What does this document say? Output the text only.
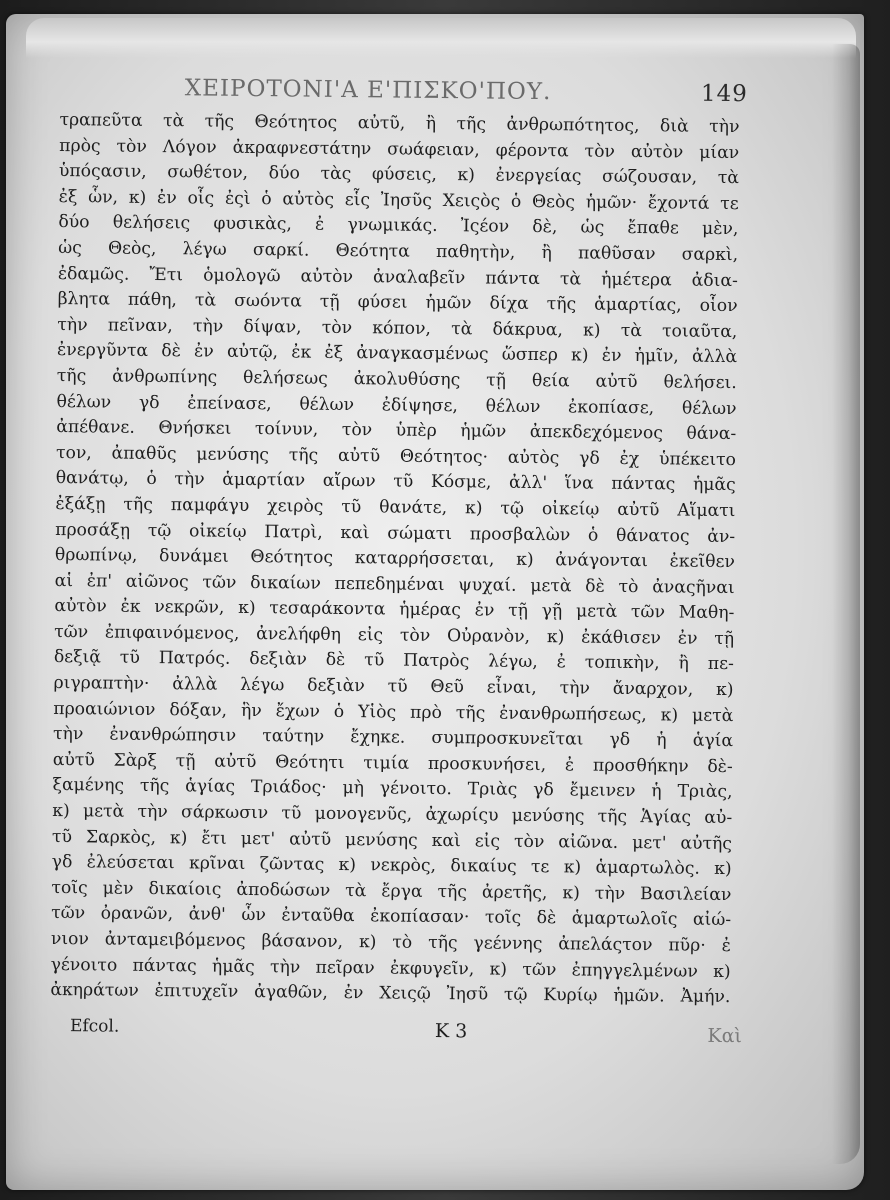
ΧΕΙΡΟΤΟΝΙ'Α Ε'ΠΙΣΚΟ'ΠΟΥ.	149
τραπεῦτα τὰ τῆς Θεότητος αὐτῦ, ἢ τῆς ἀνθρωπότητος, διὰ τὴν
πρὸς τὸν Λόγον ἀκραφνεστάτην σωάφειαν, φέροντα τὸν αὐτὸν μίαν
ὑπόςασιν, σωθέτον, δύο τὰς φύσεις, κ) ἐνεργείας σώζουσαν, τὰ
ἐξ ὧν, κ) ἐν οἷς ἐςὶ ὁ αὐτὸς εἷς Ἰησῦς Χειςὸς ὁ Θεὸς ἡμῶν· ἔχοντά τε
δύο θελήσεις φυσικὰς, ἐ γνωμικάς. Ἰςέον δὲ, ὡς ἔπαθε μὲν,
ὡς Θεὸς, λέγω σαρκί. Θεότητα παθητὴν, ἢ παθῦσαν σαρκὶ,
ἐδαμῶς. Ἔτι ὁμολογῶ αὐτὸν ἀναλαβεῖν πάντα τὰ ἡμέτερα ἀδια-
βλητα πάθη, τὰ σωόντα τῇ φύσει ἡμῶν δίχα τῆς ἁμαρτίας, οἷον
τὴν πεῖναν, τὴν δίψαν, τὸν κόπον, τὰ δάκρυα, κ) τὰ τοιαῦτα,
ἐνεργῦντα δὲ ἐν αὐτῷ, ἐκ ἐξ ἀναγκασμένως ὥσπερ κ) ἐν ἡμῖν, ἀλλὰ
τῆς ἀνθρωπίνης θελήσεως ἀκολυθύσης τῇ θεία αὐτῦ θελήσει.
θέλων γδ ἐπείνασε, θέλων ἐδίψησε, θέλων ἐκοπίασε, θέλων
ἀπέθανε. Θνήσκει τοίνυν, τὸν ὑπὲρ ἡμῶν ἀπεκδεχόμενος θάνα-
τον, ἀπαθῦς μενύσης τῆς αὐτῦ Θεότητος· αὐτὸς γδ ἐχ ὑπέκειτο
θανάτῳ, ὁ τὴν ἁμαρτίαν αἴρων τῦ Κόσμε, ἀλλ' ἵνα πάντας ἡμᾶς
ἐξάξῃ τῆς παμφάγυ χειρὸς τῦ θανάτε, κ) τῷ οἰκείῳ αὐτῦ Αἵματι
προσάξῃ τῷ οἰκείῳ Πατρὶ, καὶ σώματι προσβαλὼν ὁ θάνατος ἀν-
θρωπίνῳ, δυνάμει Θεότητος καταρρήσσεται, κ) ἀνάγονται ἐκεῖθεν
αἱ ἐπ' αἰῶνος τῶν δικαίων πεπεδημέναι ψυχαί. μετὰ δὲ τὸ ἀναςῆναι
αὐτὸν ἐκ νεκρῶν, κ) τεσαράκοντα ἡμέρας ἐν τῇ γῇ μετὰ τῶν Μαθη-
τῶν ἐπιφαινόμενος, ἀνελήφθη εἰς τὸν Οὐρανὸν, κ) ἐκάθισεν ἐν τῇ
δεξιᾷ τῦ Πατρός. δεξιὰν δὲ τῦ Πατρὸς λέγω, ἐ τοπικὴν, ἢ πε-
ριγραπτὴν· ἀλλὰ λέγω δεξιὰν τῦ Θεῦ εἶναι, τὴν ἄναρχον, κ)
προαιώνιον δόξαν, ἣν ἔχων ὁ Υἱὸς πρὸ τῆς ἐνανθρωπήσεως, κ) μετὰ
τὴν ἐνανθρώπησιν ταύτην ἔχηκε. συμπροσκυνεῖται γδ ἡ ἁγία
αὐτῦ Σὰρξ τῇ αὐτῦ Θεότητι τιμία προσκυνήσει, ἐ προσθήκην δὲ-
ξαμένης τῆς ἁγίας Τριάδος· μὴ γένοιτο. Τριὰς γδ ἔμεινεν ἡ Τριὰς,
κ) μετὰ τὴν σάρκωσιν τῦ μονογενῦς, ἀχωρίςυ μενύσης τῆς Ἁγίας αὐ-
τῦ Σαρκὸς, κ) ἔτι μετ' αὐτῦ μενύσης καὶ εἰς τὸν αἰῶνα. μετ' αὐτῆς
γδ ἐλεύσεται κρῖναι ζῶντας κ) νεκρὸς, δικαίυς τε κ) ἁμαρτωλὸς. κ)
τοῖς μὲν δικαίοις ἀποδώσων τὰ ἔργα τῆς ἀρετῆς, κ) τὴν Βασιλείαν
τῶν ὀρανῶν, ἀνθ' ὧν ἐνταῦθα ἐκοπίασαν· τοῖς δὲ ἁμαρτωλοῖς αἰώ-
νιον ἀνταμειβόμενος βάσανον, κ) τὸ τῆς γεέννης ἀπελάςτον πῦρ· ἐ
γένοιτο πάντας ἡμᾶς τὴν πεῖραν ἐκφυγεῖν, κ) τῶν ἐπηγγελμένων κ)
ἀκηράτων ἐπιτυχεῖν ἀγαθῶν, ἐν Χειςῷ Ἰησῦ τῷ Κυρίῳ ἡμῶν. Ἀμήν.
Efcol.	K 3	Καὶ
